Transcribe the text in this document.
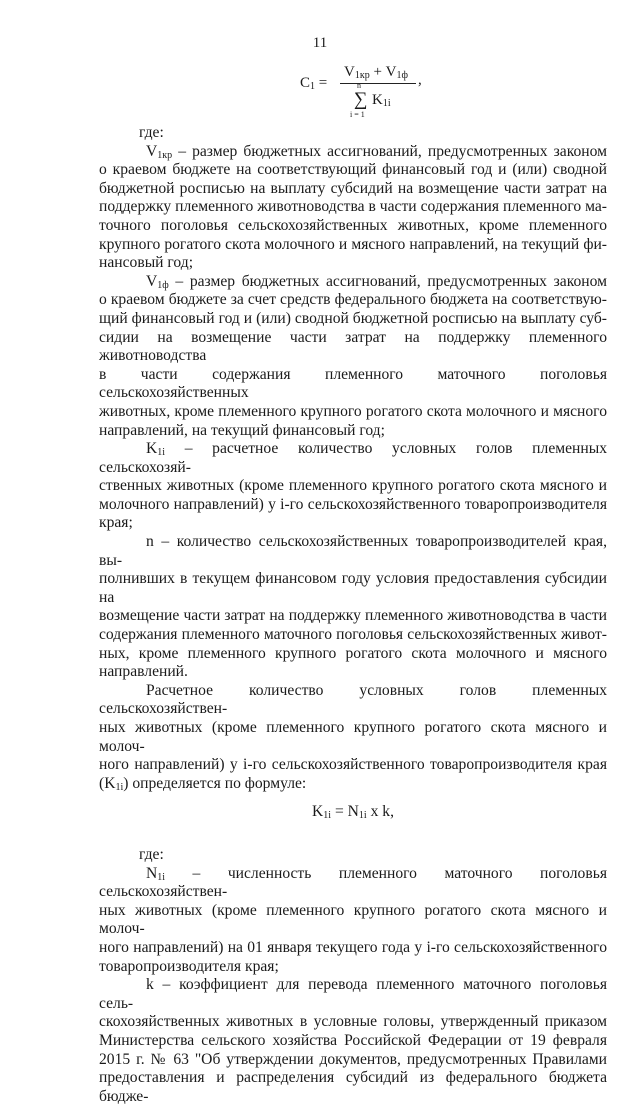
11
$C_1$ =
$V_{1кр} + V_{1ф}$ ,
n
∑
i = 1
$K_{1i}$

где:

$V_{1кр}$ – размер бюджетных ассигнований, предусмотренных законом

о краевом бюджете на соответствующий финансовый год и (или) сводной

бюджетной росписью на выплату субсидий на возмещение части затрат на

поддержку племенного животноводства в части содержания племенного ма-

точного поголовья сельскохозяйственных животных, кроме племенного

крупного рогатого скота молочного и мясного направлений, на текущий фи-

нансовый год;

$V_{1ф}$ – размер бюджетных ассигнований, предусмотренных законом

о краевом бюджете за счет средств федерального бюджета на соответствую-

щий финансовый год и (или) сводной бюджетной росписью на выплату суб-

сидии на возмещение части затрат на поддержку племенного животноводства

в части содержания племенного маточного поголовья сельскохозяйственных

животных, кроме племенного крупного рогатого скота молочного и мясного

направлений, на текущий финансовый год;

$K_{1i}$ – расчетное количество условных голов племенных сельскохозяй-

ственных животных (кроме племенного крупного рогатого скота мясного и

молочного направлений) у i-го сельскохозяйственного товаропроизводителя

края;

n – количество сельскохозяйственных товаропроизводителей края, вы-

полнивших в текущем финансовом году условия предоставления субсидии на

возмещение части затрат на поддержку племенного животноводства в части

содержания племенного маточного поголовья сельскохозяйственных живот-

ных, кроме племенного крупного рогатого скота молочного и мясного

направлений.

Расчетное количество условных голов племенных сельскохозяйствен-

ных животных (кроме племенного крупного рогатого скота мясного и молоч-

ного направлений) у i-го сельскохозяйственного товаропроизводителя края

$(K_{1i})$ определяется по формуле:

$K_{1i} = N_{1i}$ x k,

где:

$N_{1i}$ – численность племенного маточного поголовья сельскохозяйствен-

ных животных (кроме племенного крупного рогатого скота мясного и молоч-

ного направлений) на 01 января текущего года у i-го сельскохозяйственного

товаропроизводителя края;

k – коэффициент для перевода племенного маточного поголовья сель-

скохозяйственных животных в условные головы, утвержденный приказом

Министерства сельского хозяйства Российской Федерации от 19 февраля

2015 г. № 63 "Об утверждении документов, предусмотренных Правилами

предоставления и распределения субсидий из федерального бюджета бюдже-
